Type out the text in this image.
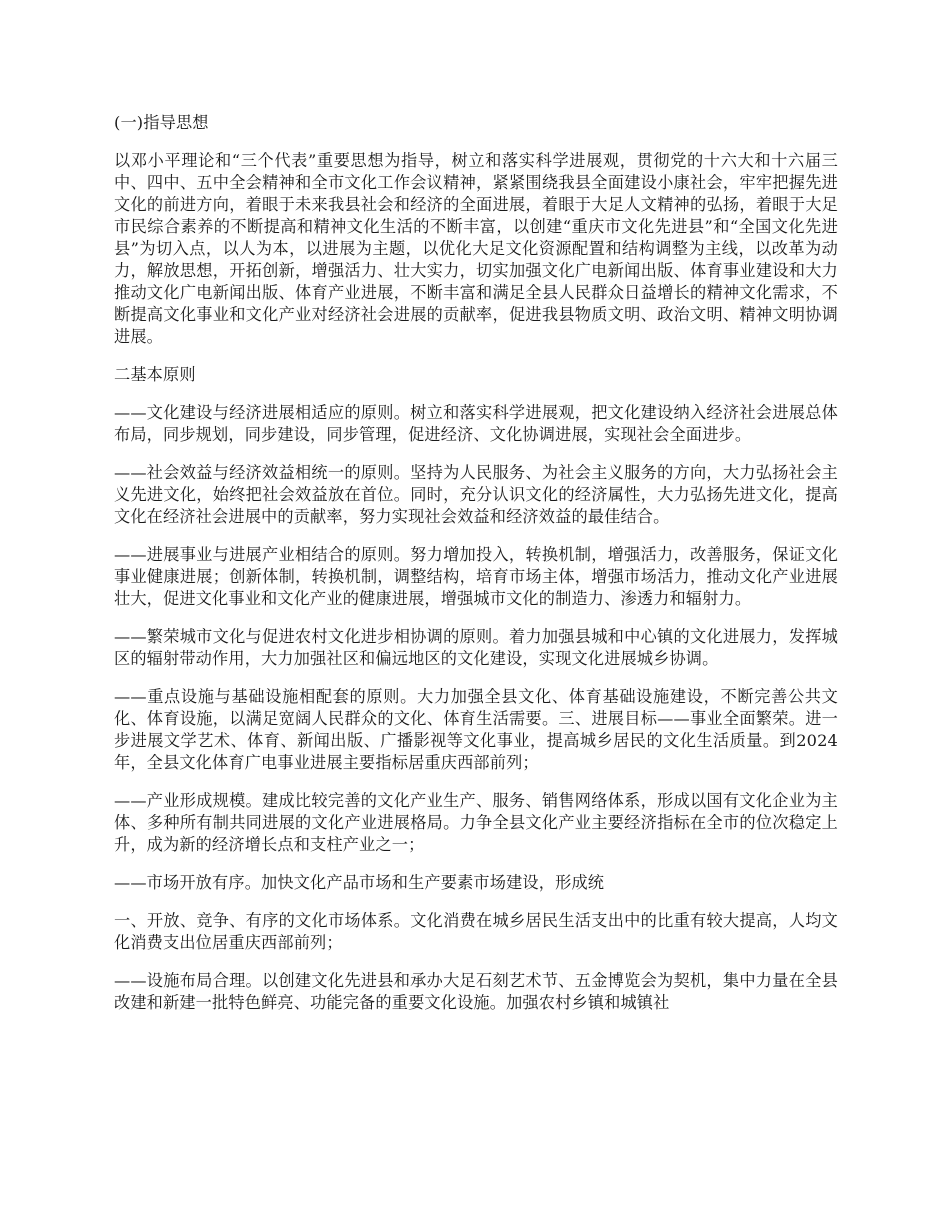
(一)指导思想

以邓小平理论和“三个代表”重要思想为指导，树立和落实科学进展观，贯彻党的十六大和十六届三中、四中、五中全会精神和全市文化工作会议精神，紧紧围绕我县全面建设小康社会，牢牢把握先进文化的前进方向，着眼于未来我县社会和经济的全面进展，着眼于大足人文精神的弘扬，着眼于大足市民综合素养的不断提高和精神文化生活的不断丰富，以创建“重庆市文化先进县”和“全国文化先进县”为切入点，以人为本，以进展为主题，以优化大足文化资源配置和结构调整为主线，以改革为动力，解放思想，开拓创新，增强活力、壮大实力，切实加强文化广电新闻出版、体育事业建设和大力推动文化广电新闻出版、体育产业进展，不断丰富和满足全县人民群众日益增长的精神文化需求，不断提高文化事业和文化产业对经济社会进展的贡献率，促进我县物质文明、政治文明、精神文明协调进展。

二基本原则

——文化建设与经济进展相适应的原则。树立和落实科学进展观，把文化建设纳入经济社会进展总体布局，同步规划，同步建设，同步管理，促进经济、文化协调进展，实现社会全面进步。

——社会效益与经济效益相统一的原则。坚持为人民服务、为社会主义服务的方向，大力弘扬社会主义先进文化，始终把社会效益放在首位。同时，充分认识文化的经济属性，大力弘扬先进文化，提高文化在经济社会进展中的贡献率，努力实现社会效益和经济效益的最佳结合。

——进展事业与进展产业相结合的原则。努力增加投入，转换机制，增强活力，改善服务，保证文化事业健康进展；创新体制，转换机制，调整结构，培育市场主体，增强市场活力，推动文化产业进展壮大，促进文化事业和文化产业的健康进展，增强城市文化的制造力、渗透力和辐射力。

——繁荣城市文化与促进农村文化进步相协调的原则。着力加强县城和中心镇的文化进展力，发挥城区的辐射带动作用，大力加强社区和偏远地区的文化建设，实现文化进展城乡协调。

——重点设施与基础设施相配套的原则。大力加强全县文化、体育基础设施建设，不断完善公共文化、体育设施，以满足宽阔人民群众的文化、体育生活需要。三、进展目标——事业全面繁荣。进一步进展文学艺术、体育、新闻出版、广播影视等文化事业，提高城乡居民的文化生活质量。到2024年，全县文化体育广电事业进展主要指标居重庆西部前列；

——产业形成规模。建成比较完善的文化产业生产、服务、销售网络体系，形成以国有文化企业为主体、多种所有制共同进展的文化产业进展格局。力争全县文化产业主要经济指标在全市的位次稳定上升，成为新的经济增长点和支柱产业之一；

——市场开放有序。加快文化产品市场和生产要素市场建设，形成统

一、开放、竞争、有序的文化市场体系。文化消费在城乡居民生活支出中的比重有较大提高，人均文化消费支出位居重庆西部前列；

——设施布局合理。以创建文化先进县和承办大足石刻艺术节、五金博览会为契机，集中力量在全县改建和新建一批特色鲜亮、功能完备的重要文化设施。加强农村乡镇和城镇社
